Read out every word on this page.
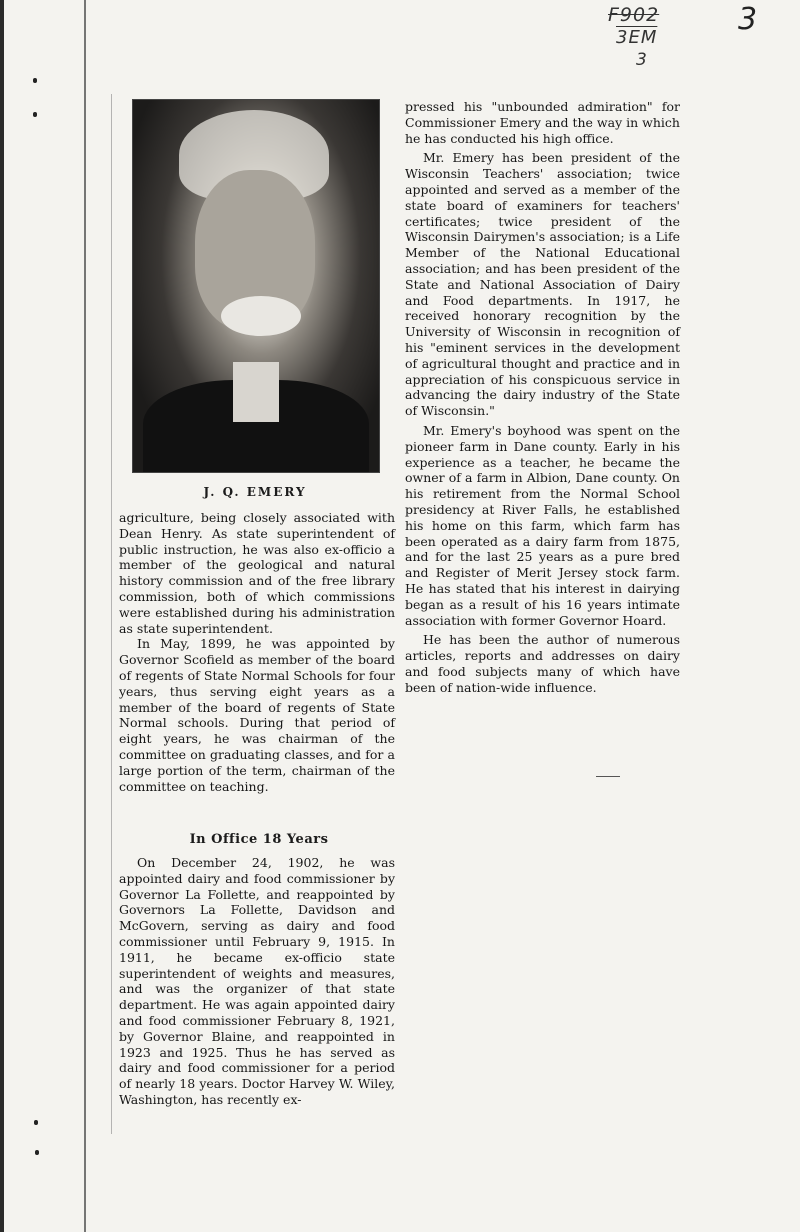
F902
3EM
3
3
J. Q. EMERY

agriculture, being closely associated with Dean Henry. As state superintendent of public instruction, he was also ex-officio a member of the geological and natural history commission and of the free library commission, both of which commissions were established during his administration as state superintendent.

In May, 1899, he was appointed by Governor Scofield as member of the board of regents of State Normal Schools for four years, thus serving eight years as a member of the board of regents of State Normal schools. During that period of eight years, he was chairman of the committee on graduating classes, and for a large portion of the term, chairman of the committee on teaching.

In Office 18 Years

On December 24, 1902, he was appointed dairy and food commissioner by Governor La Follette, and reappointed by Governors La Follette, Davidson and McGovern, serving as dairy and food commissioner until February 9, 1915. In 1911, he became ex-officio state superintendent of weights and measures, and was the organizer of that state department. He was again appointed dairy and food commissioner February 8, 1921, by Governor Blaine, and reappointed in 1923 and 1925. Thus he has served as dairy and food commissioner for a period of nearly 18 years. Doctor Harvey W. Wiley, Washington, has recently ex-

pressed his "unbounded admiration" for Commissioner Emery and the way in which he has conducted his high office.

Mr. Emery has been president of the Wisconsin Teachers' association; twice appointed and served as a member of the state board of examiners for teachers' certificates; twice president of the Wisconsin Dairymen's association; is a Life Member of the National Educational association; and has been president of the State and National Association of Dairy and Food departments. In 1917, he received honorary recognition by the University of Wisconsin in recognition of his "eminent services in the development of agricultural thought and practice and in appreciation of his conspicuous service in advancing the dairy industry of the State of Wisconsin."

Mr. Emery's boyhood was spent on the pioneer farm in Dane county. Early in his experience as a teacher, he became the owner of a farm in Albion, Dane county. On his retirement from the Normal School presidency at River Falls, he established his home on this farm, which farm has been operated as a dairy farm from 1875, and for the last 25 years as a pure bred and Register of Merit Jersey stock farm. He has stated that his interest in dairying began as a result of his 16 years intimate association with former Governor Hoard.

He has been the author of numerous articles, reports and addresses on dairy and food subjects many of which have been of nation-wide influence.
